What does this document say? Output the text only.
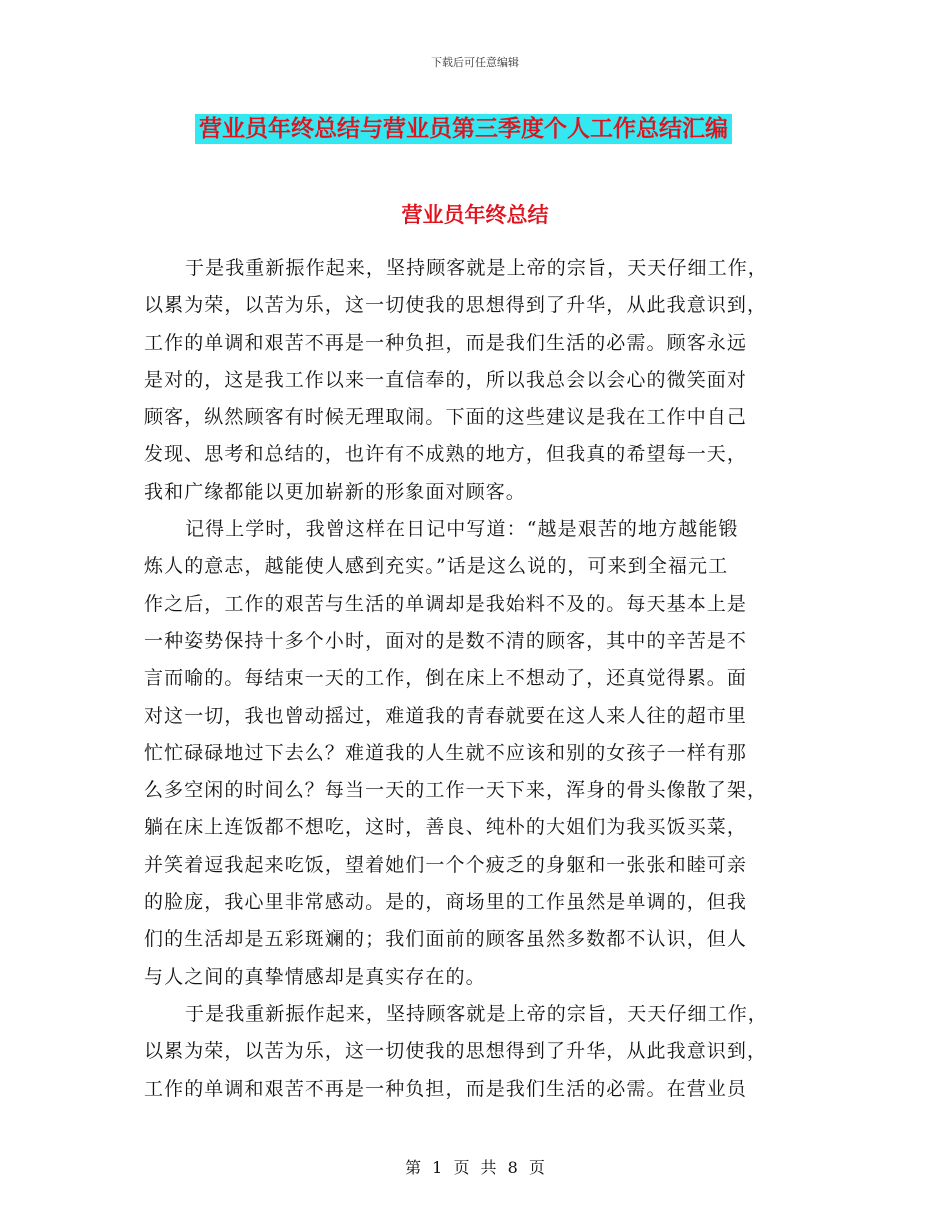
下载后可任意编辑
营业员年终总结与营业员第三季度个人工作总结汇编
营业员年终总结

于是我重新振作起来，坚持顾客就是上帝的宗旨，天天仔细工作，
以累为荣，以苦为乐，这一切使我的思想得到了升华，从此我意识到，
工作的单调和艰苦不再是一种负担，而是我们生活的必需。顾客永远
是对的，这是我工作以来一直信奉的，所以我总会以会心的微笑面对
顾客，纵然顾客有时候无理取闹。下面的这些建议是我在工作中自己
发现、思考和总结的，也许有不成熟的地方，但我真的希望每一天，
我和广缘都能以更加崭新的形象面对顾客。

记得上学时，我曾这样在日记中写道：“越是艰苦的地方越能锻
炼人的意志，越能使人感到充实。”话是这么说的，可来到全福元工
作之后，工作的艰苦与生活的单调却是我始料不及的。每天基本上是
一种姿势保持十多个小时，面对的是数不清的顾客，其中的辛苦是不
言而喻的。每结束一天的工作，倒在床上不想动了，还真觉得累。面
对这一切，我也曾动摇过，难道我的青春就要在这人来人往的超市里
忙忙碌碌地过下去么？难道我的人生就不应该和别的女孩子一样有那
么多空闲的时间么？每当一天的工作一天下来，浑身的骨头像散了架，
躺在床上连饭都不想吃，这时，善良、纯朴的大姐们为我买饭买菜，
并笑着逗我起来吃饭，望着她们一个个疲乏的身躯和一张张和睦可亲
的脸庞，我心里非常感动。是的，商场里的工作虽然是单调的，但我
们的生活却是五彩斑斓的；我们面前的顾客虽然多数都不认识，但人
与人之间的真挚情感却是真实存在的。

于是我重新振作起来，坚持顾客就是上帝的宗旨，天天仔细工作，
以累为荣，以苦为乐，这一切使我的思想得到了升华，从此我意识到，
工作的单调和艰苦不再是一种负担，而是我们生活的必需。在营业员

第 1 页 共 8 页
